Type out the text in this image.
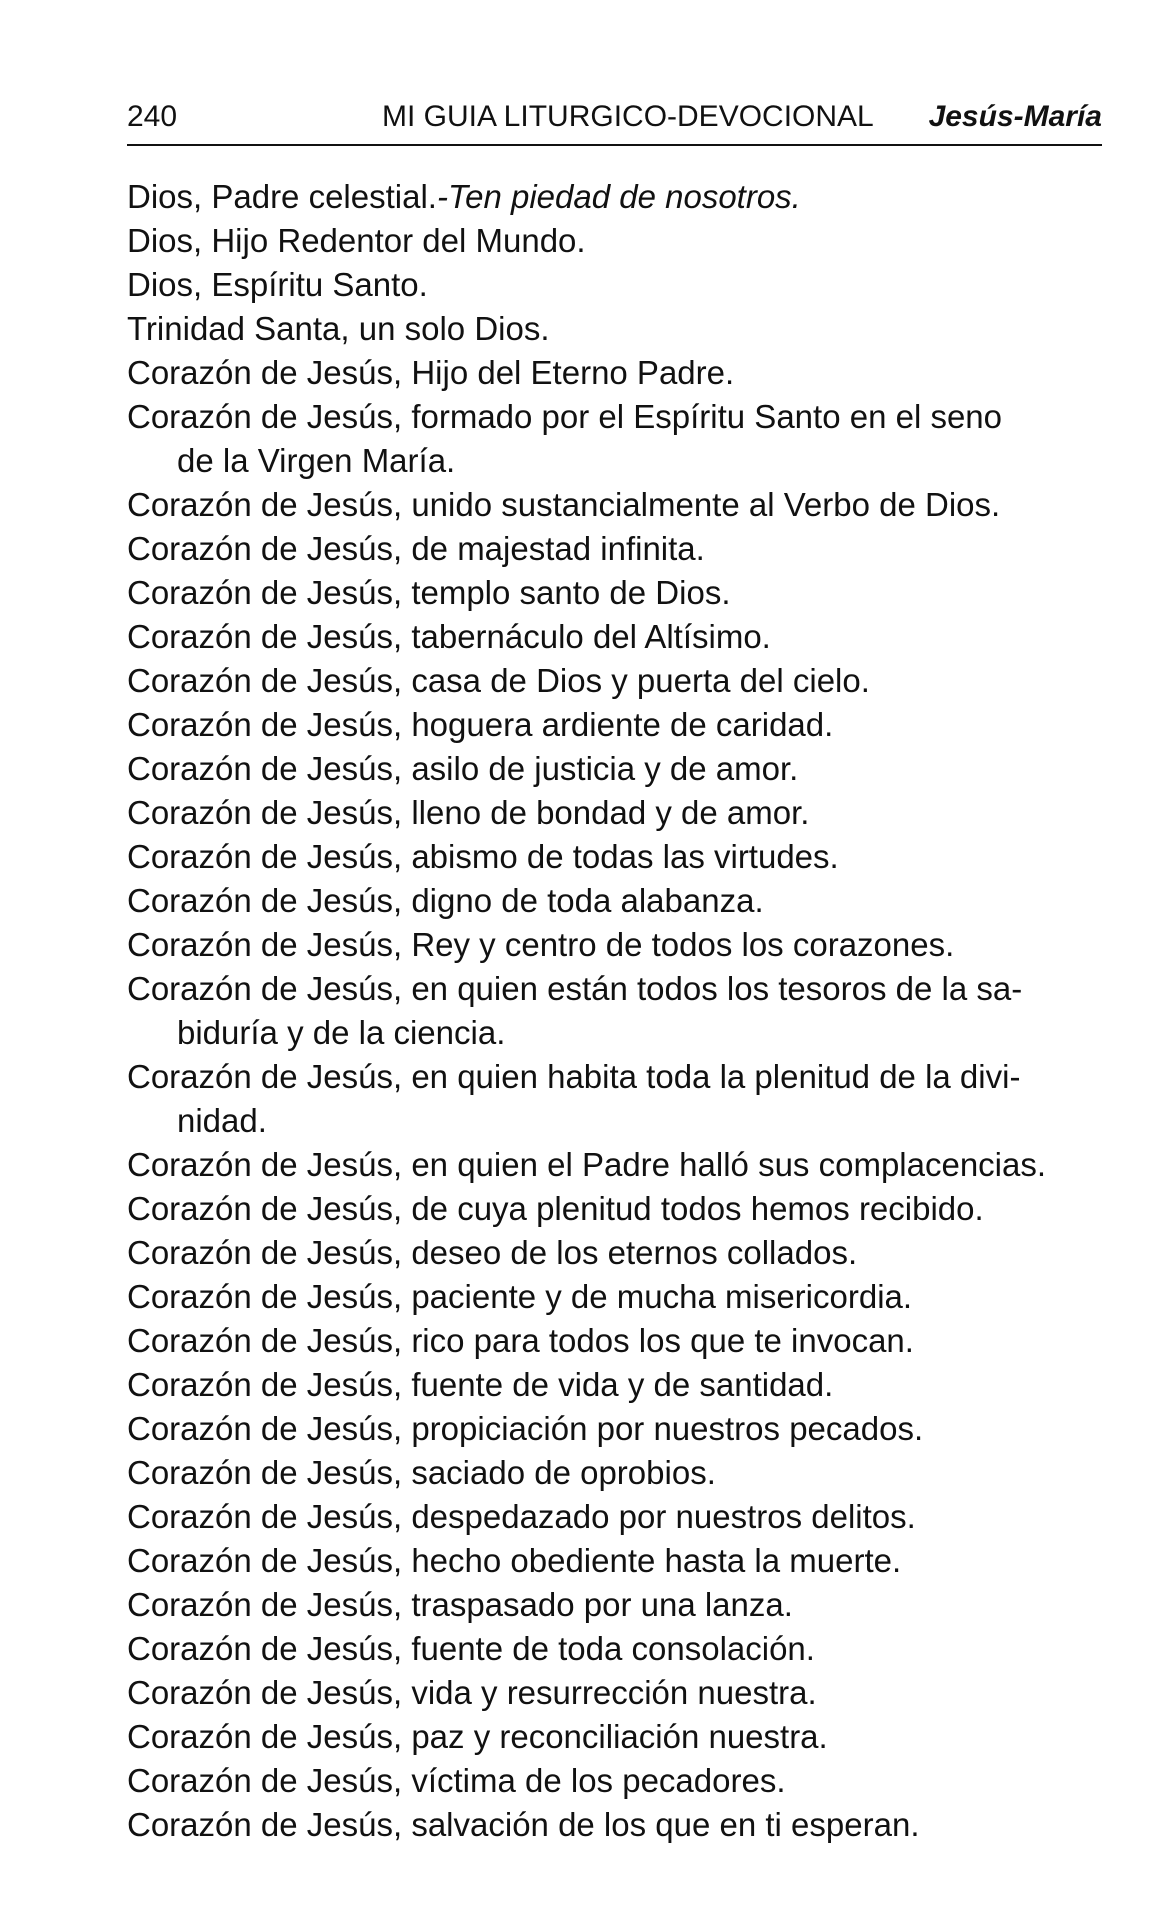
240	MI GUIA LITURGICO-DEVOCIONAL Jesús-María
Dios, Padre celestial.-Ten piedad de nosotros.
Dios, Hijo Redentor del Mundo.
Dios, Espíritu Santo.
Trinidad Santa, un solo Dios.
Corazón de Jesús, Hijo del Eterno Padre.
Corazón de Jesús, formado por el Espíritu Santo en el seno
de la Virgen María.
Corazón de Jesús, unido sustancialmente al Verbo de Dios.
Corazón de Jesús, de majestad infinita.
Corazón de Jesús, templo santo de Dios.
Corazón de Jesús, tabernáculo del Altísimo.
Corazón de Jesús, casa de Dios y puerta del cielo.
Corazón de Jesús, hoguera ardiente de caridad.
Corazón de Jesús, asilo de justicia y de amor.
Corazón de Jesús, lleno de bondad y de amor.
Corazón de Jesús, abismo de todas las virtudes.
Corazón de Jesús, digno de toda alabanza.
Corazón de Jesús, Rey y centro de todos los corazones.
Corazón de Jesús, en quien están todos los tesoros de la sa-
biduría y de la ciencia.
Corazón de Jesús, en quien habita toda la plenitud de la divi-
nidad.
Corazón de Jesús, en quien el Padre halló sus complacencias.
Corazón de Jesús, de cuya plenitud todos hemos recibido.
Corazón de Jesús, deseo de los eternos collados.
Corazón de Jesús, paciente y de mucha misericordia.
Corazón de Jesús, rico para todos los que te invocan.
Corazón de Jesús, fuente de vida y de santidad.
Corazón de Jesús, propiciación por nuestros pecados.
Corazón de Jesús, saciado de oprobios.
Corazón de Jesús, despedazado por nuestros delitos.
Corazón de Jesús, hecho obediente hasta la muerte.
Corazón de Jesús, traspasado por una lanza.
Corazón de Jesús, fuente de toda consolación.
Corazón de Jesús, vida y resurrección nuestra.
Corazón de Jesús, paz y reconciliación nuestra.
Corazón de Jesús, víctima de los pecadores.
Corazón de Jesús, salvación de los que en ti esperan.
